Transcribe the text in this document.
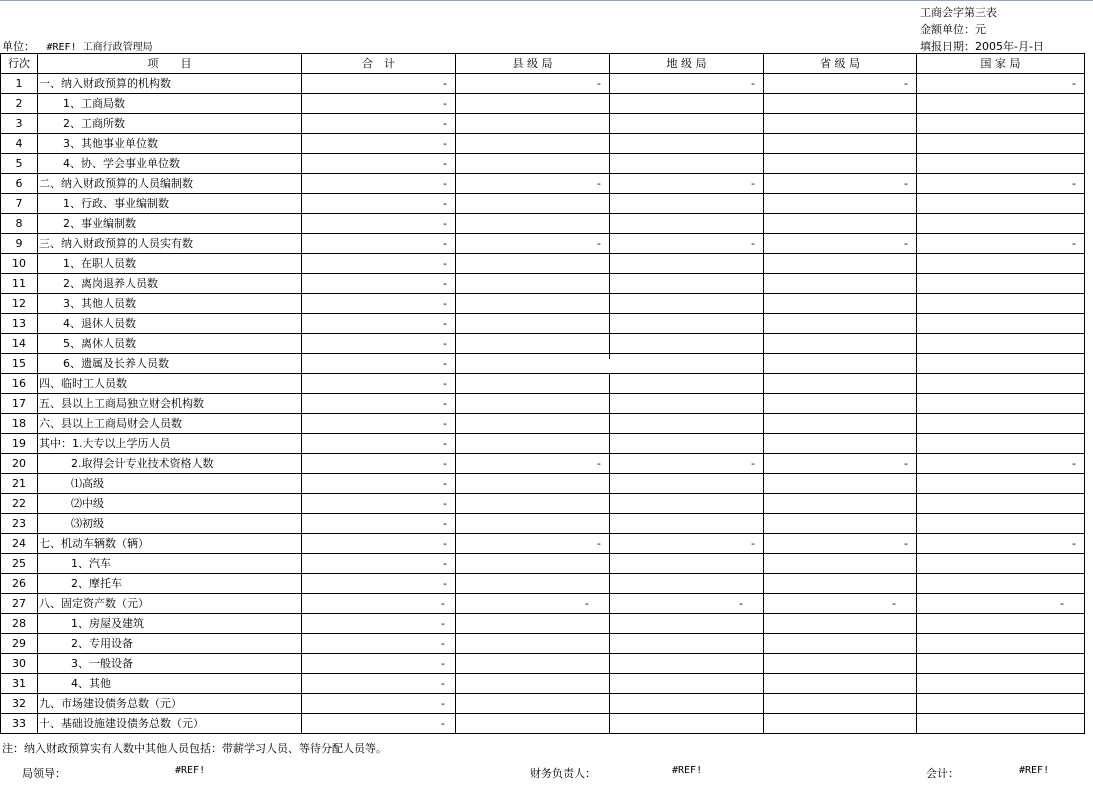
工商会字第三表
金额单位：元
填报日期：2005年-月-日
单位： #REF! 工商行政管理局
行次	项　　目	合　计	县 级 局	地 级 局	省 级 局	国 家 局
1	一、纳入财政预算的机构数	-	-	-	-	-
2	1、工商局数	-				
3	2、工商所数	-				
4	3、其他事业单位数	-				
5	4、协、学会事业单位数	-				
6	二、纳入财政预算的人员编制数	-	-	-	-	-
7	1、行政、事业编制数	-				
8	2、事业编制数	-				
9	三、纳入财政预算的人员实有数	-	-	-	-	-
10	1、在职人员数	-				
11	2、离岗退养人员数	-				
12	3、其他人员数	-				
13	4、退休人员数	-				
14	5、离休人员数	-				
15	6、遗属及长养人员数	-				
16	四、临时工人员数	-				
17	五、县以上工商局独立财会机构数	-				
18	六、县以上工商局财会人员数	-				
19	其中：1.大专以上学历人员	-				
20	2.取得会计专业技术资格人数	-	-	-	-	-
21	⑴高级	-				
22	⑵中级	-				
23	⑶初级	-				
24	七、机动车辆数（辆）	-	-	-	-	-
25	1、汽车	-				
26	2、摩托车	-				
27	八、固定资产数（元）	-	-	-	-	-
28	1、房屋及建筑	-				
29	2、专用设备	-				
30	3、一般设备	-				
31	4、其他	-				
32	九、市场建设债务总数（元）	-				
33	十、基础设施建设债务总数（元）	-				
注：纳入财政预算实有人数中其他人员包括：带薪学习人员、等待分配人员等。
局领导：	#REF!	财务负责人：	#REF!	会计：	#REF!
